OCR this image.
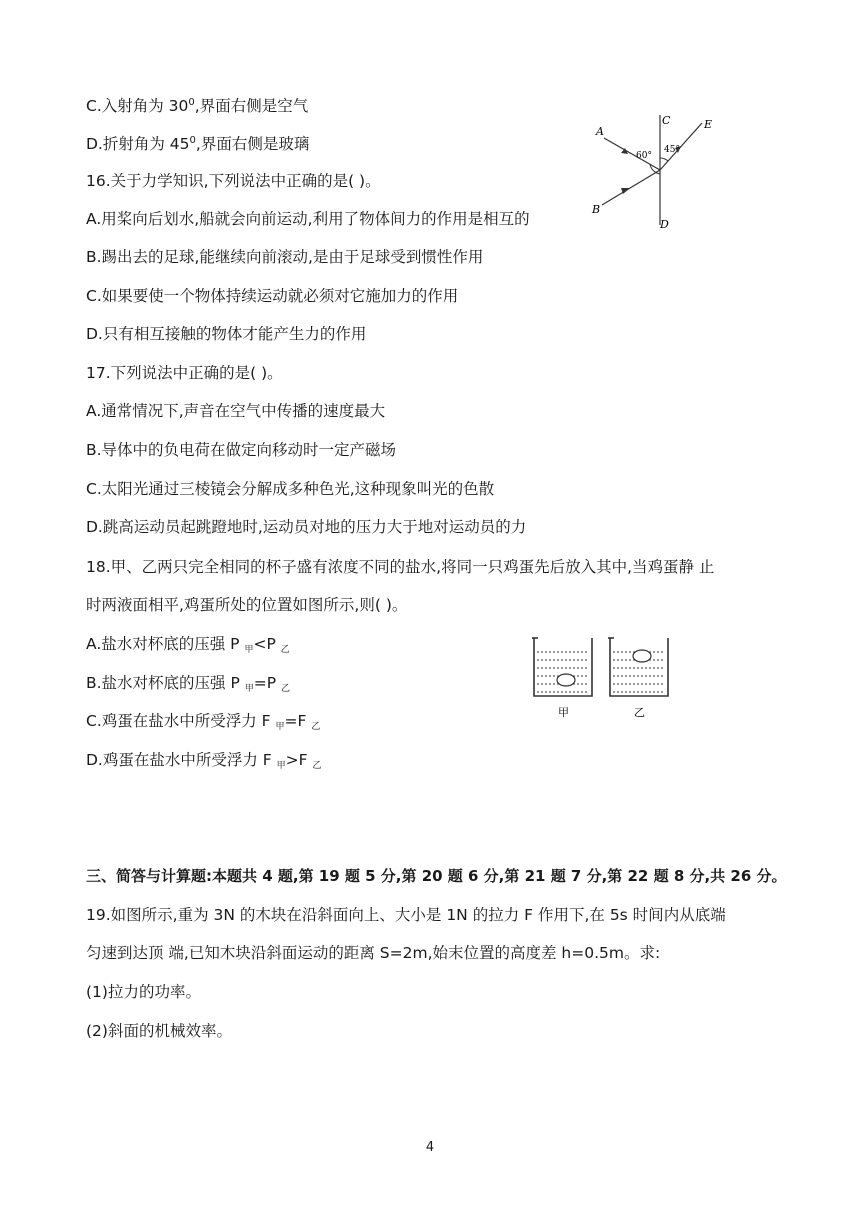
C.入射角为 $30^0$,界面右侧是空气
D.折射角为 $45^0$,界面右侧是玻璃
A
B
C
D
E
60°
45°
16.关于力学知识,下列说法中正确的是( )。
A.用桨向后划水,船就会向前运动,利用了物体间力的作用是相互的
B.踢出去的足球,能继续向前滚动,是由于足球受到惯性作用
C.如果要使一个物体持续运动就必须对它施加力的作用
D.只有相互接触的物体才能产生力的作用
17.下列说法中正确的是( )。
A.通常情况下,声音在空气中传播的速度最大
B.导体中的负电荷在做定向移动时一定产磁场
C.太阳光通过三棱镜会分解成多种色光,这种现象叫光的色散
D.跳高运动员起跳蹬地时,运动员对地的压力大于地对运动员的力
18.甲、乙两只完全相同的杯子盛有浓度不同的盐水,将同一只鸡蛋先后放入其中,当鸡蛋静 止
时两液面相平,鸡蛋所处的位置如图所示,则( )。
A.盐水对杯底的压强 P $_甲$<P $_乙$
B.盐水对杯底的压强 P $_甲$=P $_乙$
C.鸡蛋在盐水中所受浮力 F $_甲$=F $_乙$
D.鸡蛋在盐水中所受浮力 F $_甲$>F $_乙$
甲	乙
三、简答与计算题:本题共 4 题,第 19 题 5 分,第 20 题 6 分,第 21 题 7 分,第 22 题 8 分,共 26 分。
19.如图所示,重为 3N 的木块在沿斜面向上、大小是 1N 的拉力 F 作用下,在 5s 时间内从底端
匀速到达顶 端,已知木块沿斜面运动的距离 S=2m,始末位置的高度差 h=0.5m。求:
(1)拉力的功率。
(2)斜面的机械效率。
4
